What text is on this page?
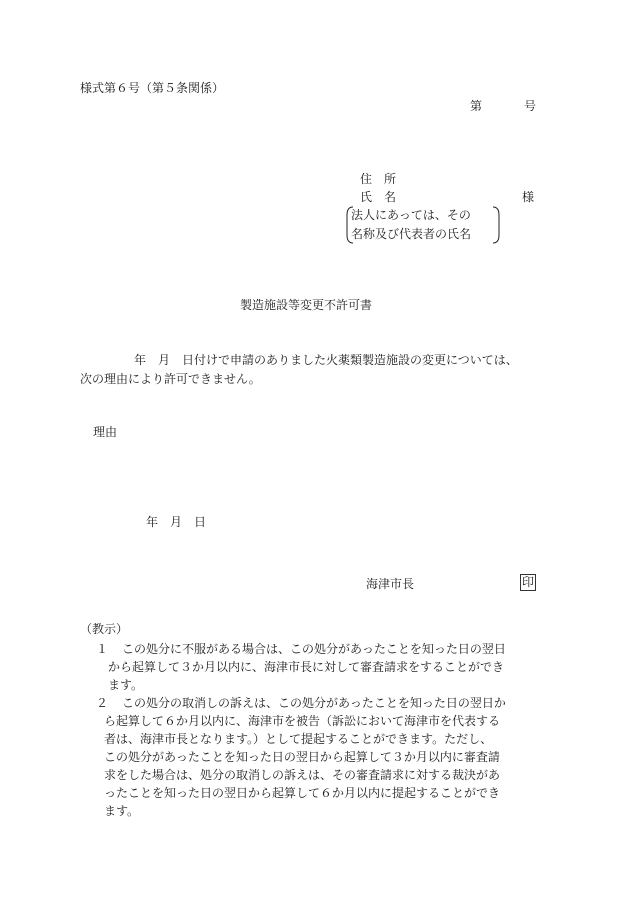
様式第６号（第５条関係）
第	号
住　所
氏　名	様
法人にあっては、その
名称及び代表者の氏名
製造施設等変更不許可書
年　月　日付けで申請のありました火薬類製造施設の変更については、
次の理由により許可できません。
理由
年　月　日
海津市長	印
（教示）
１ この処分に不服がある場合は、この処分があったことを知った日の翌日
から起算して３か月以内に、海津市長に対して審査請求をすることができ
ます。
２ この処分の取消しの訴えは、この処分があったことを知った日の翌日か
ら起算して６か月以内に、海津市を被告（訴訟において海津市を代表する
者は、海津市長となります。）として提起することができます。ただし、
この処分があったことを知った日の翌日から起算して３か月以内に審査請
求をした場合は、処分の取消しの訴えは、その審査請求に対する裁決があ
ったことを知った日の翌日から起算して６か月以内に提起することができ
ます。
